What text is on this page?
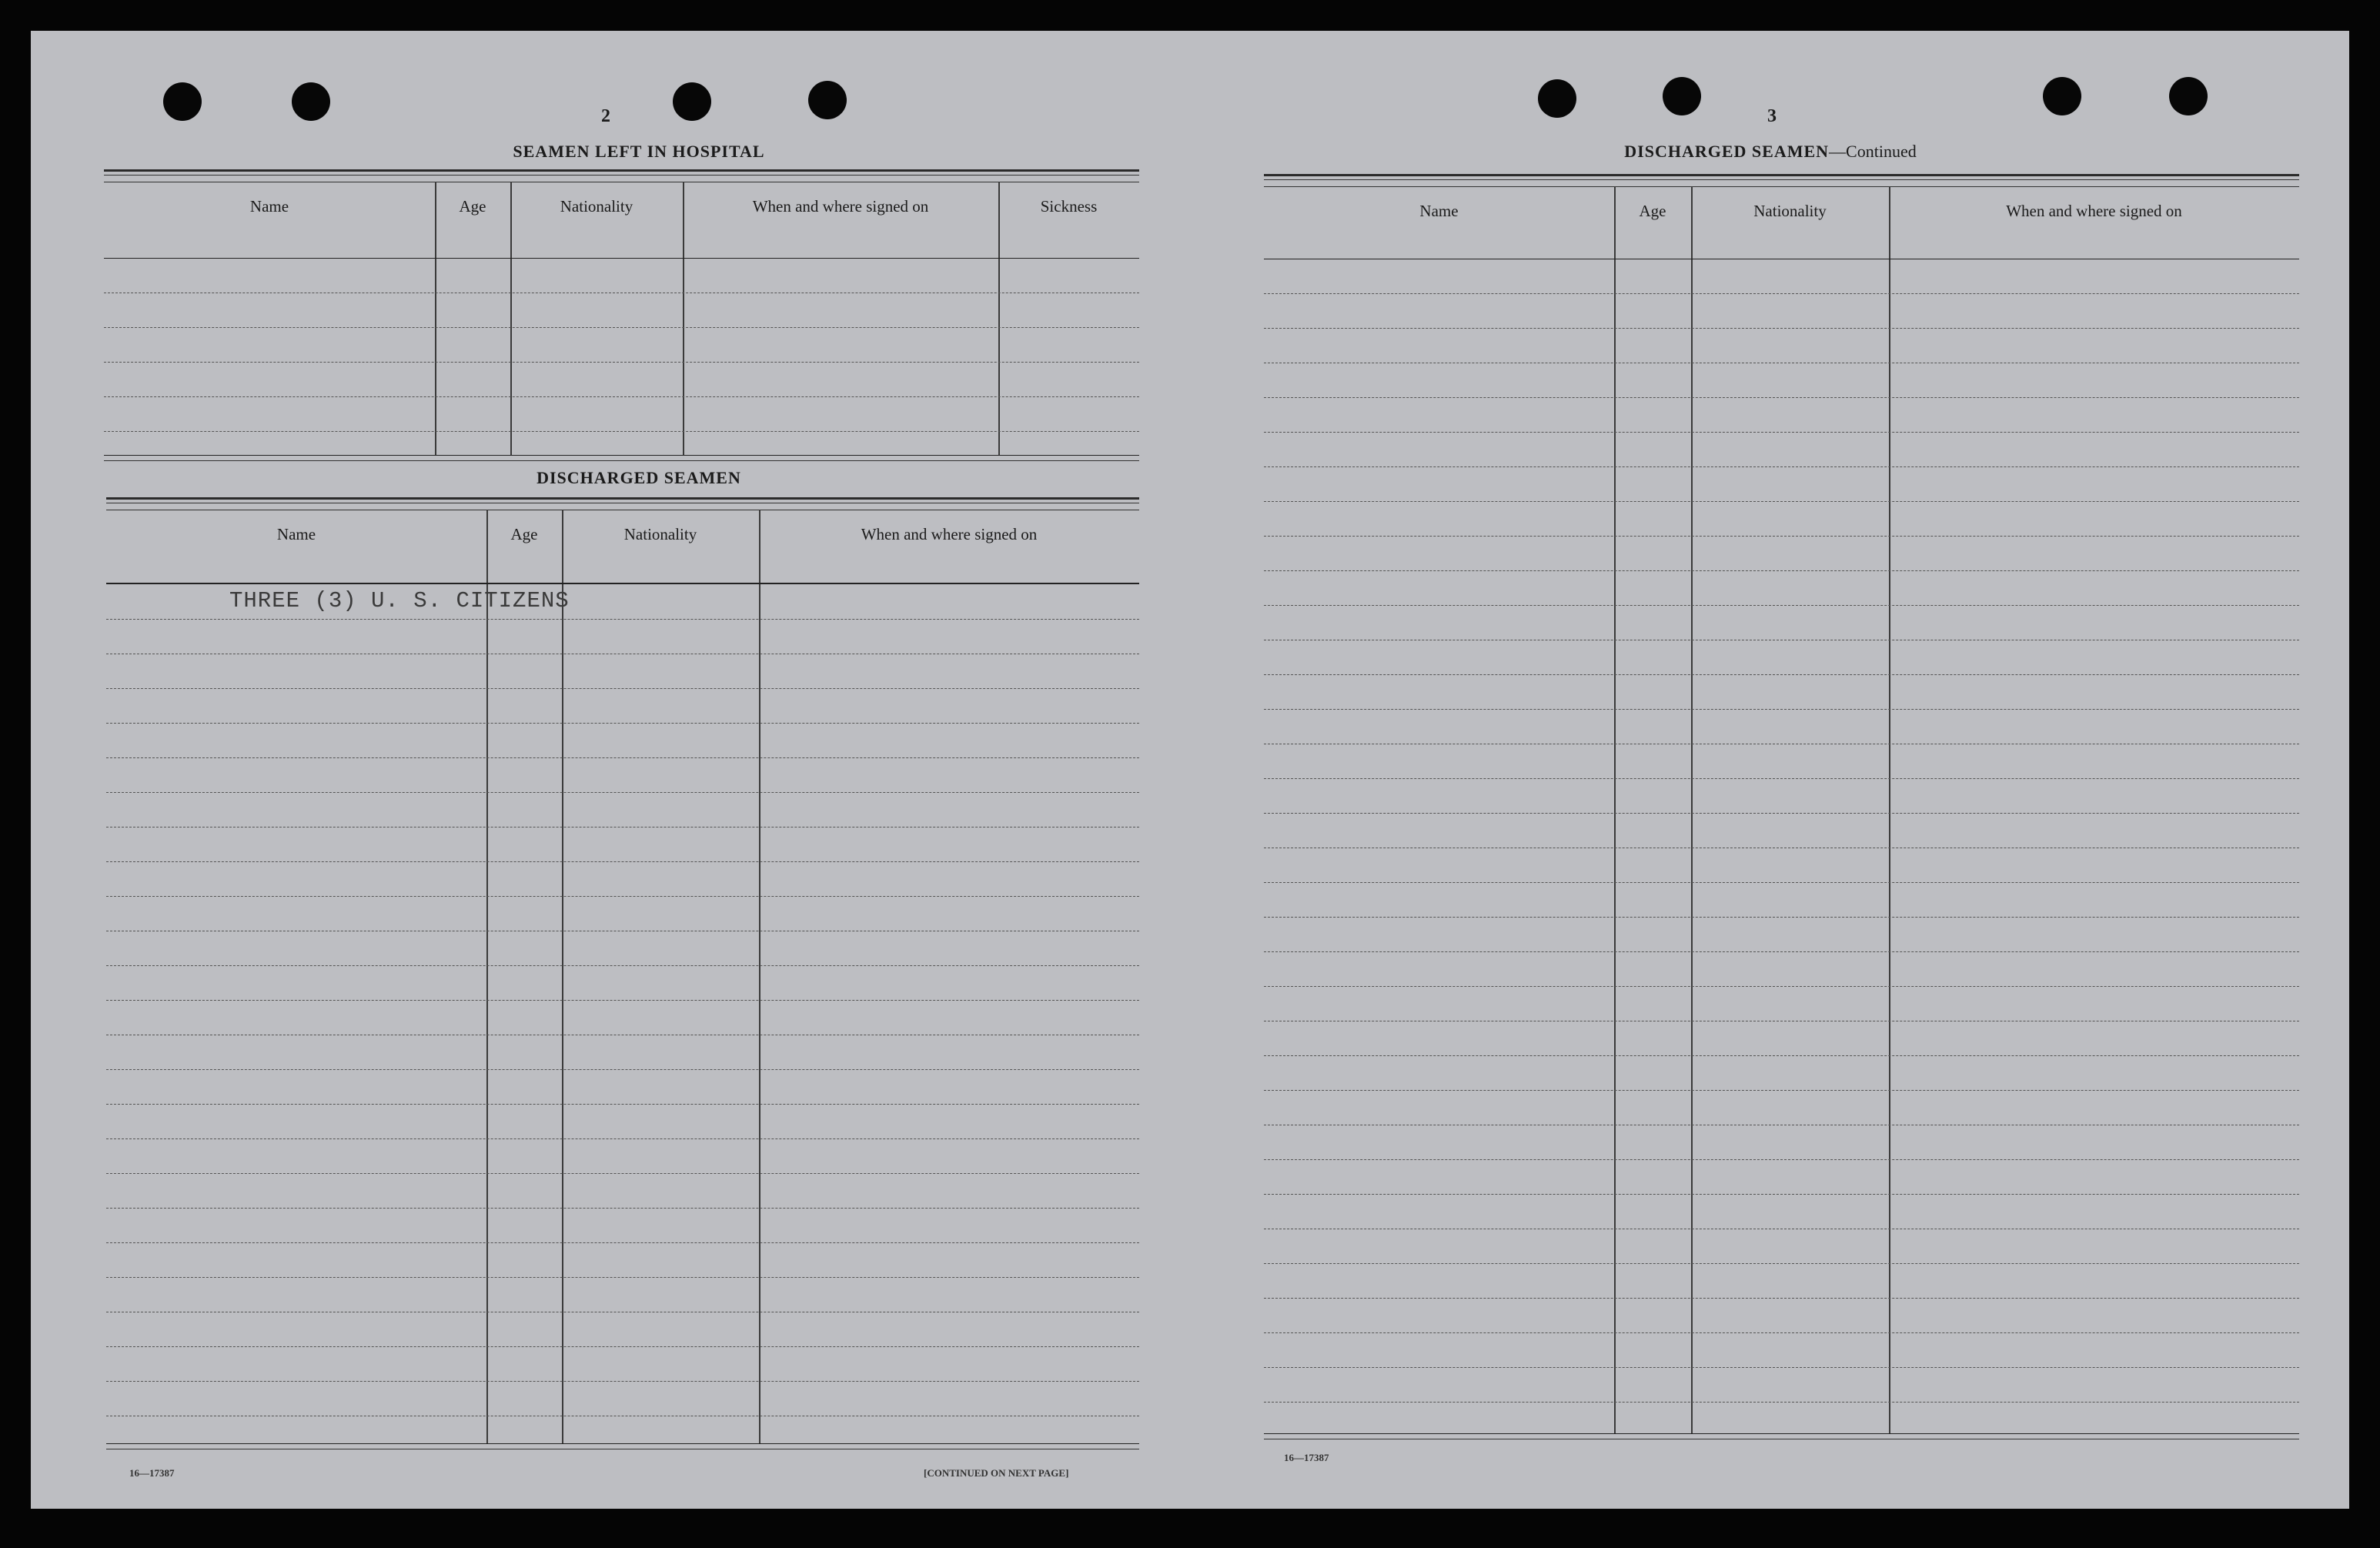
2
SEAMEN LEFT IN HOSPITAL
Name	Age	Nationality	When and where signed on	Sickness
DISCHARGED SEAMEN
Name	Age	Nationality	When and where signed on
THREE (3) U. S. CITIZENS
16—17387	[CONTINUED ON NEXT PAGE]
3
DISCHARGED SEAMEN—Continued
Name	Age	Nationality	When and where signed on
16—17387
